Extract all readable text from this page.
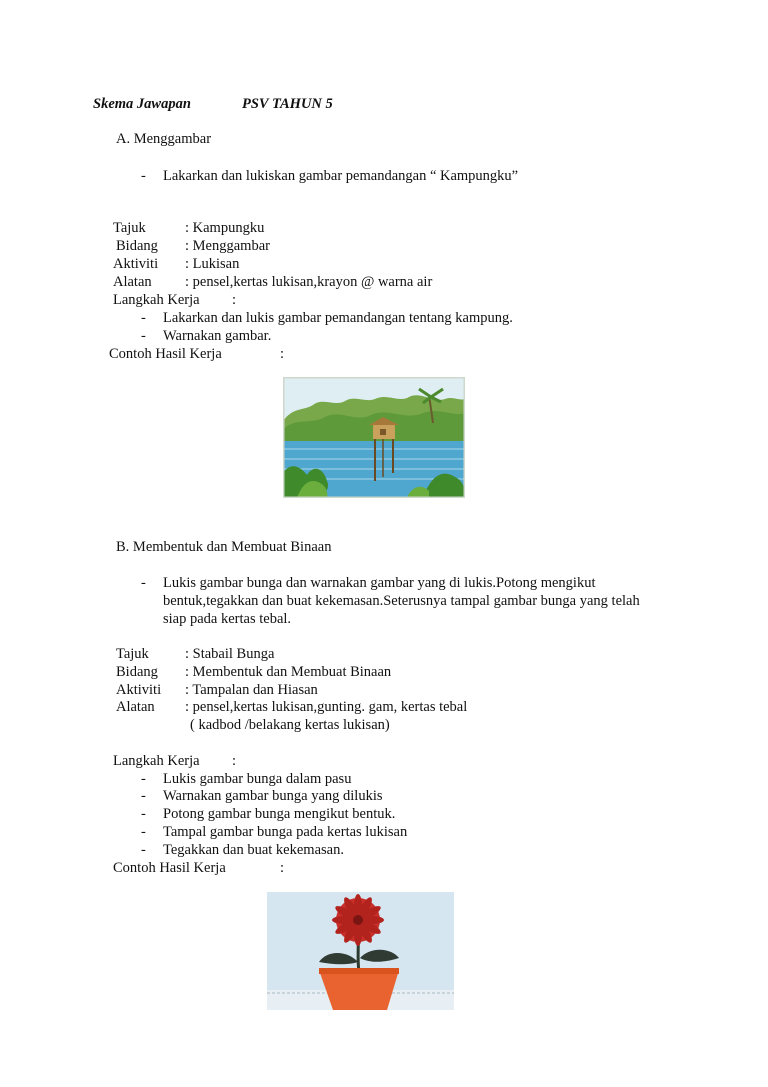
Skema Jawapan	PSV TAHUN 5
A. Menggambar
- Lakarkan dan lukiskan gambar pemandangan “ Kampungku”
Tajuk	: Kampungku
Bidang : Menggambar
Aktiviti : Lukisan
Alatan : pensel,kertas lukisan,krayon @ warna air
Langkah Kerja :
- Lakarkan dan lukis gambar pemandangan tentang kampung.
- Warnakan gambar.
Contoh Hasil Kerja	:
B. Membentuk dan Membuat Binaan
- Lukis gambar bunga dan warnakan gambar yang di lukis.Potong mengikut
bentuk,tegakkan dan buat kekemasan.Seterusnya tampal gambar bunga yang telah
siap pada kertas tebal.
Tajuk : Stabail Bunga
Bidang : Membentuk dan Membuat Binaan
Aktiviti : Tampalan dan Hiasan
Alatan : pensel,kertas lukisan,gunting. gam, kertas tebal
( kadbod /belakang kertas lukisan)
Langkah Kerja :
- Lukis gambar bunga dalam pasu
- Warnakan gambar bunga yang dilukis
- Potong gambar bunga mengikut bentuk.
- Tampal gambar bunga pada kertas lukisan
- Tegakkan dan buat kekemasan.
Contoh Hasil Kerja	:
